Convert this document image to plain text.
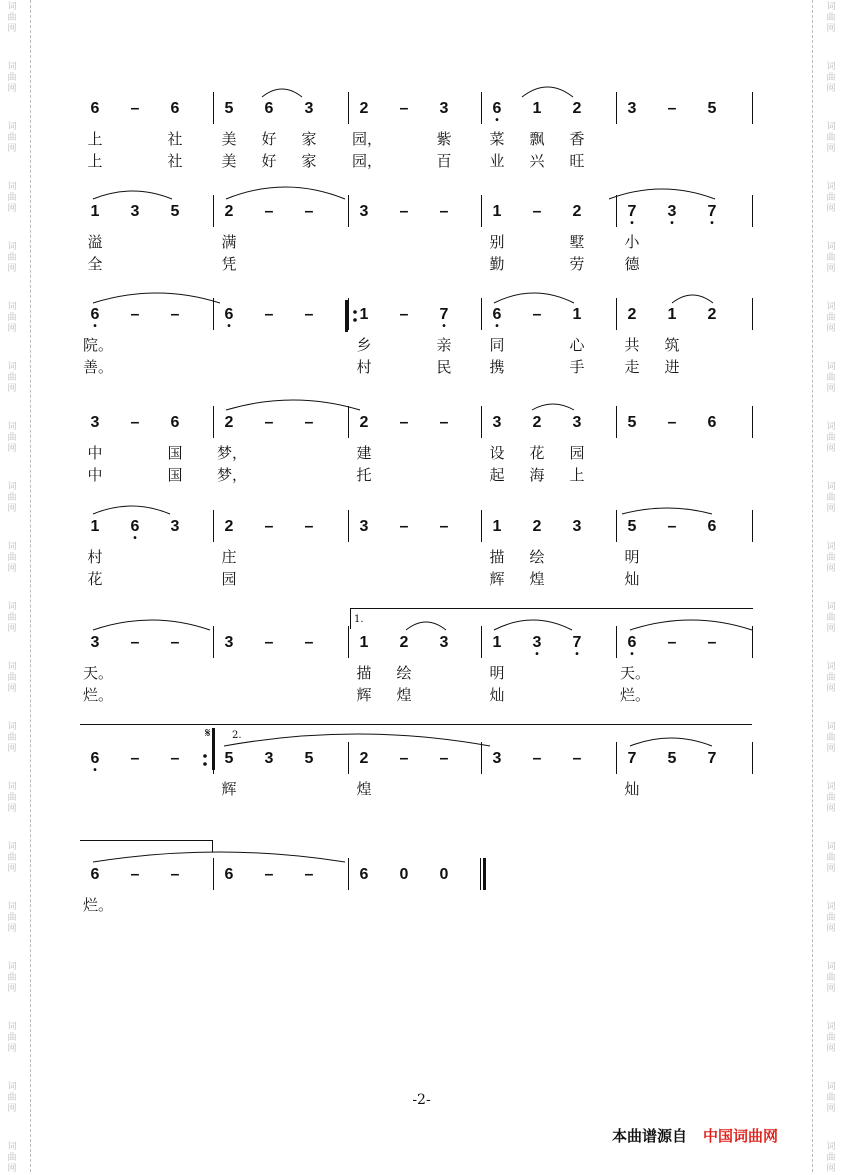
词
曲
网
词
曲
网
词
曲
网
词
曲
网
词
曲
网
词
曲
网
词
曲
网
词
曲
网
词
曲
网
词
曲
网
词
曲
网
词
曲
网
词
曲
网
词
曲
网
词
曲
网
词
曲
网
词
曲
网
词
曲
网
词
曲
网
词
曲
网
词
曲
网
词
曲
网
词
曲
网
词
曲
网
词
曲
网
词
曲
网
词
曲
网
词
曲
网
词
曲
网
词
曲
网
词
曲
网
词
曲
网
词
曲
网
词
曲
网
词
曲
网
词
曲
网
词
曲
网
词
曲
网
词
曲
网
词
曲
网
6	–	6	5	6	3	2	–	3
•
6	1	2	3	–	5
上	社	美	好	家	园，	紫	菜	飘	香
上	社	美	好	家	园，	百	业	兴	旺
1	3	5	2	–	–	3	–	–	1	–	2
•
7
•
3
•
7
溢	满	别	墅	小
全	凭	勤	劳	德
•
6	–	–
•
6	–	–	1	–
•
7
•
6	–	1	2	1	2
院。	乡	亲	同	心	共	筑
善。	村	民	携	手	走	进
3	–	6	2	–	–	2	–	–	3	2	3	5	–	6
中	国	梦，	建	设	花	园
中	国	梦，	托	起	海	上
1
•
6	3	2	–	–	3	–	–	1	2	3	5	–	6
村	庄	描	绘	明
花	园	辉	煌	灿
3	–	–	3	–	–	1	2	3	1
•
3
•
7
•
6	–	–
天。	描	绘	明	天。
烂。	辉	煌	灿	烂。
1.
•
6	–	–	5	3	5	2	–	–	3	–	–	7	5	7
辉	煌	灿
2.
6	–	–	6	–	–	6	0	0
烂。
-2-
本曲谱源自 中国词曲网
𝄋
